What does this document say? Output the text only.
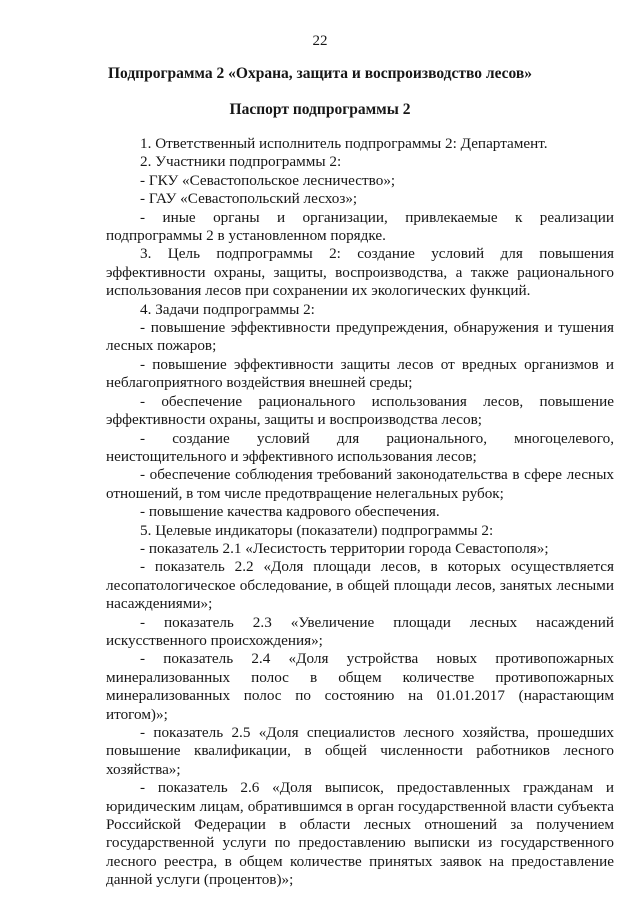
22
Подпрограмма 2 «Охрана, защита и воспроизводство лесов»
Паспорт подпрограммы 2

1. Ответственный исполнитель подпрограммы 2: Департамент.

2. Участники подпрограммы 2:

- ГКУ «Севастопольское лесничество»;

- ГАУ «Севастопольский лесхоз»;

- иные органы и организации, привлекаемые к реализации подпрограммы 2 в установленном порядке.

3. Цель подпрограммы 2: создание условий для повышения эффективности охраны, защиты, воспроизводства, а также рационального использования лесов при сохранении их экологических функций.

4. Задачи подпрограммы 2:

- повышение эффективности предупреждения, обнаружения и тушения лесных пожаров;

- повышение эффективности защиты лесов от вредных организмов и неблагоприятного воздействия внешней среды;

- обеспечение рационального использования лесов, повышение эффективности охраны, защиты и воспроизводства лесов;

- создание условий для рационального, многоцелевого, неистощительного и эффективного использования лесов;

- обеспечение соблюдения требований законодательства в сфере лесных отношений, в том числе предотвращение нелегальных рубок;

- повышение качества кадрового обеспечения.

5. Целевые индикаторы (показатели) подпрограммы 2:

- показатель 2.1 «Лесистость территории города Севастополя»;

- показатель 2.2 «Доля площади лесов, в которых осуществляется лесопатологическое обследование, в общей площади лесов, занятых лесными насаждениями»;

- показатель 2.3 «Увеличение площади лесных насаждений искусственного происхождения»;

- показатель 2.4 «Доля устройства новых противопожарных минерализованных полос в общем количестве противопожарных минерализованных полос по состоянию на 01.01.2017 (нарастающим итогом)»;

- показатель 2.5 «Доля специалистов лесного хозяйства, прошедших повышение квалификации, в общей численности работников лесного хозяйства»;

- показатель 2.6 «Доля выписок, предоставленных гражданам и юридическим лицам, обратившимся в орган государственной власти субъекта Российской Федерации в области лесных отношений за получением государственной услуги по предоставлению выписки из государственного лесного реестра, в общем количестве принятых заявок на предоставление данной услуги (процентов)»;
